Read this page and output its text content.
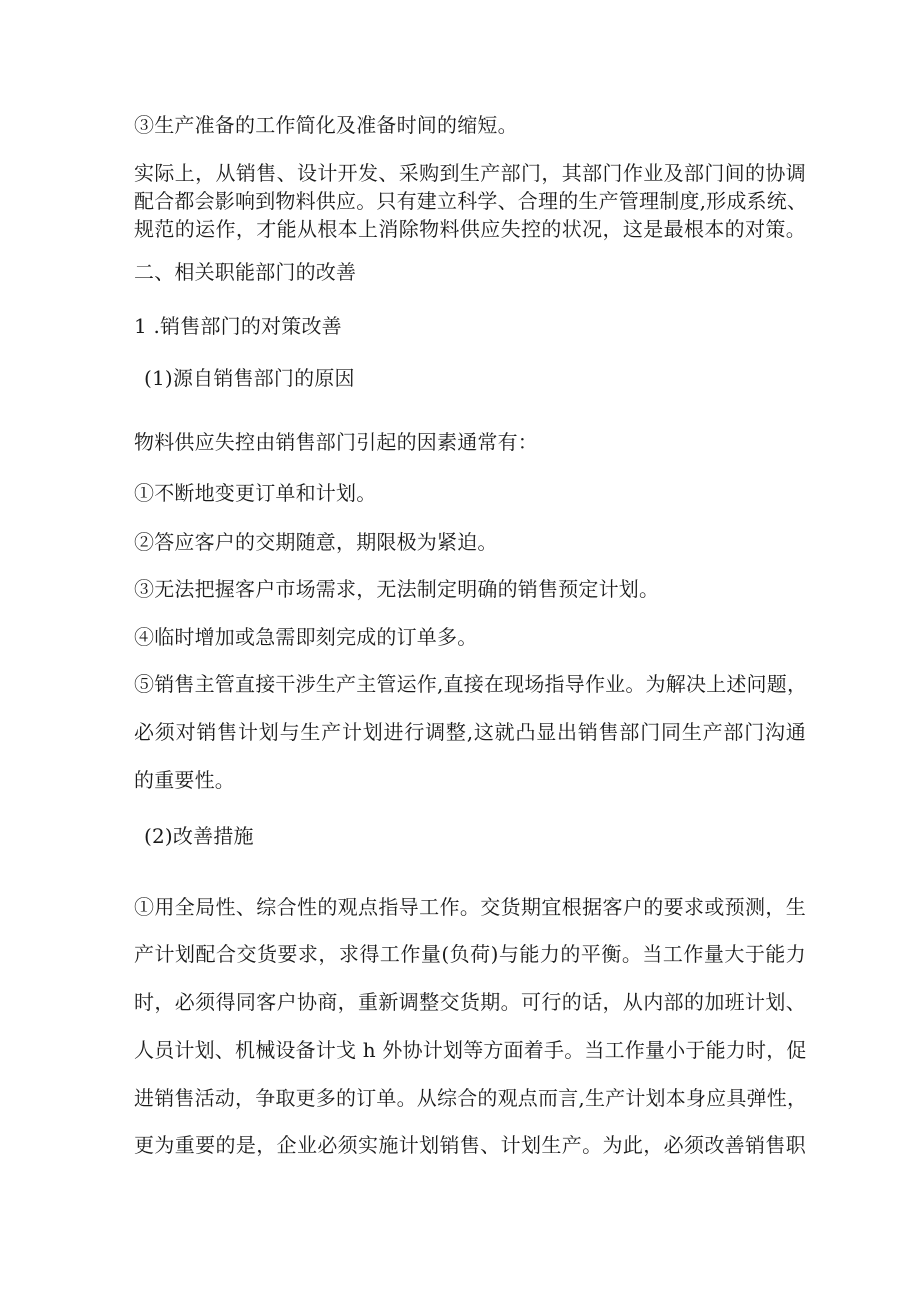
③生产准备的工作简化及准备时间的缩短。
实际上，从销售、设计开发、采购到生产部门，其部门作业及部门间的协调
配合都会影响到物料供应。只有建立科学、合理的生产管理制度,形成系统、
规范的运作，才能从根本上消除物料供应失控的状况，这是最根本的对策。
二、相关职能部门的改善
1 .销售部门的对策改善
(1)源自销售部门的原因
物料供应失控由销售部门引起的因素通常有：
①不断地变更订单和计划。
②答应客户的交期随意，期限极为紧迫。
③无法把握客户市场需求，无法制定明确的销售预定计划。
④临时增加或急需即刻完成的订单多。
⑤销售主管直接干涉生产主管运作,直接在现场指导作业。为解决上述问题，
必须对销售计划与生产计划进行调整,这就凸显出销售部门同生产部门沟通
的重要性。
(2)改善措施
①用全局性、综合性的观点指导工作。交货期宜根据客户的要求或预测，生
产计划配合交货要求，求得工作量(负荷)与能力的平衡。当工作量大于能力
时，必须得同客户协商，重新调整交货期。可行的话，从内部的加班计划、
人员计划、机械设备计戈 h 外协计划等方面着手。当工作量小于能力时，促
进销售活动，争取更多的订单。从综合的观点而言,生产计划本身应具弹性，
更为重要的是，企业必须实施计划销售、计划生产。为此，必须改善销售职
